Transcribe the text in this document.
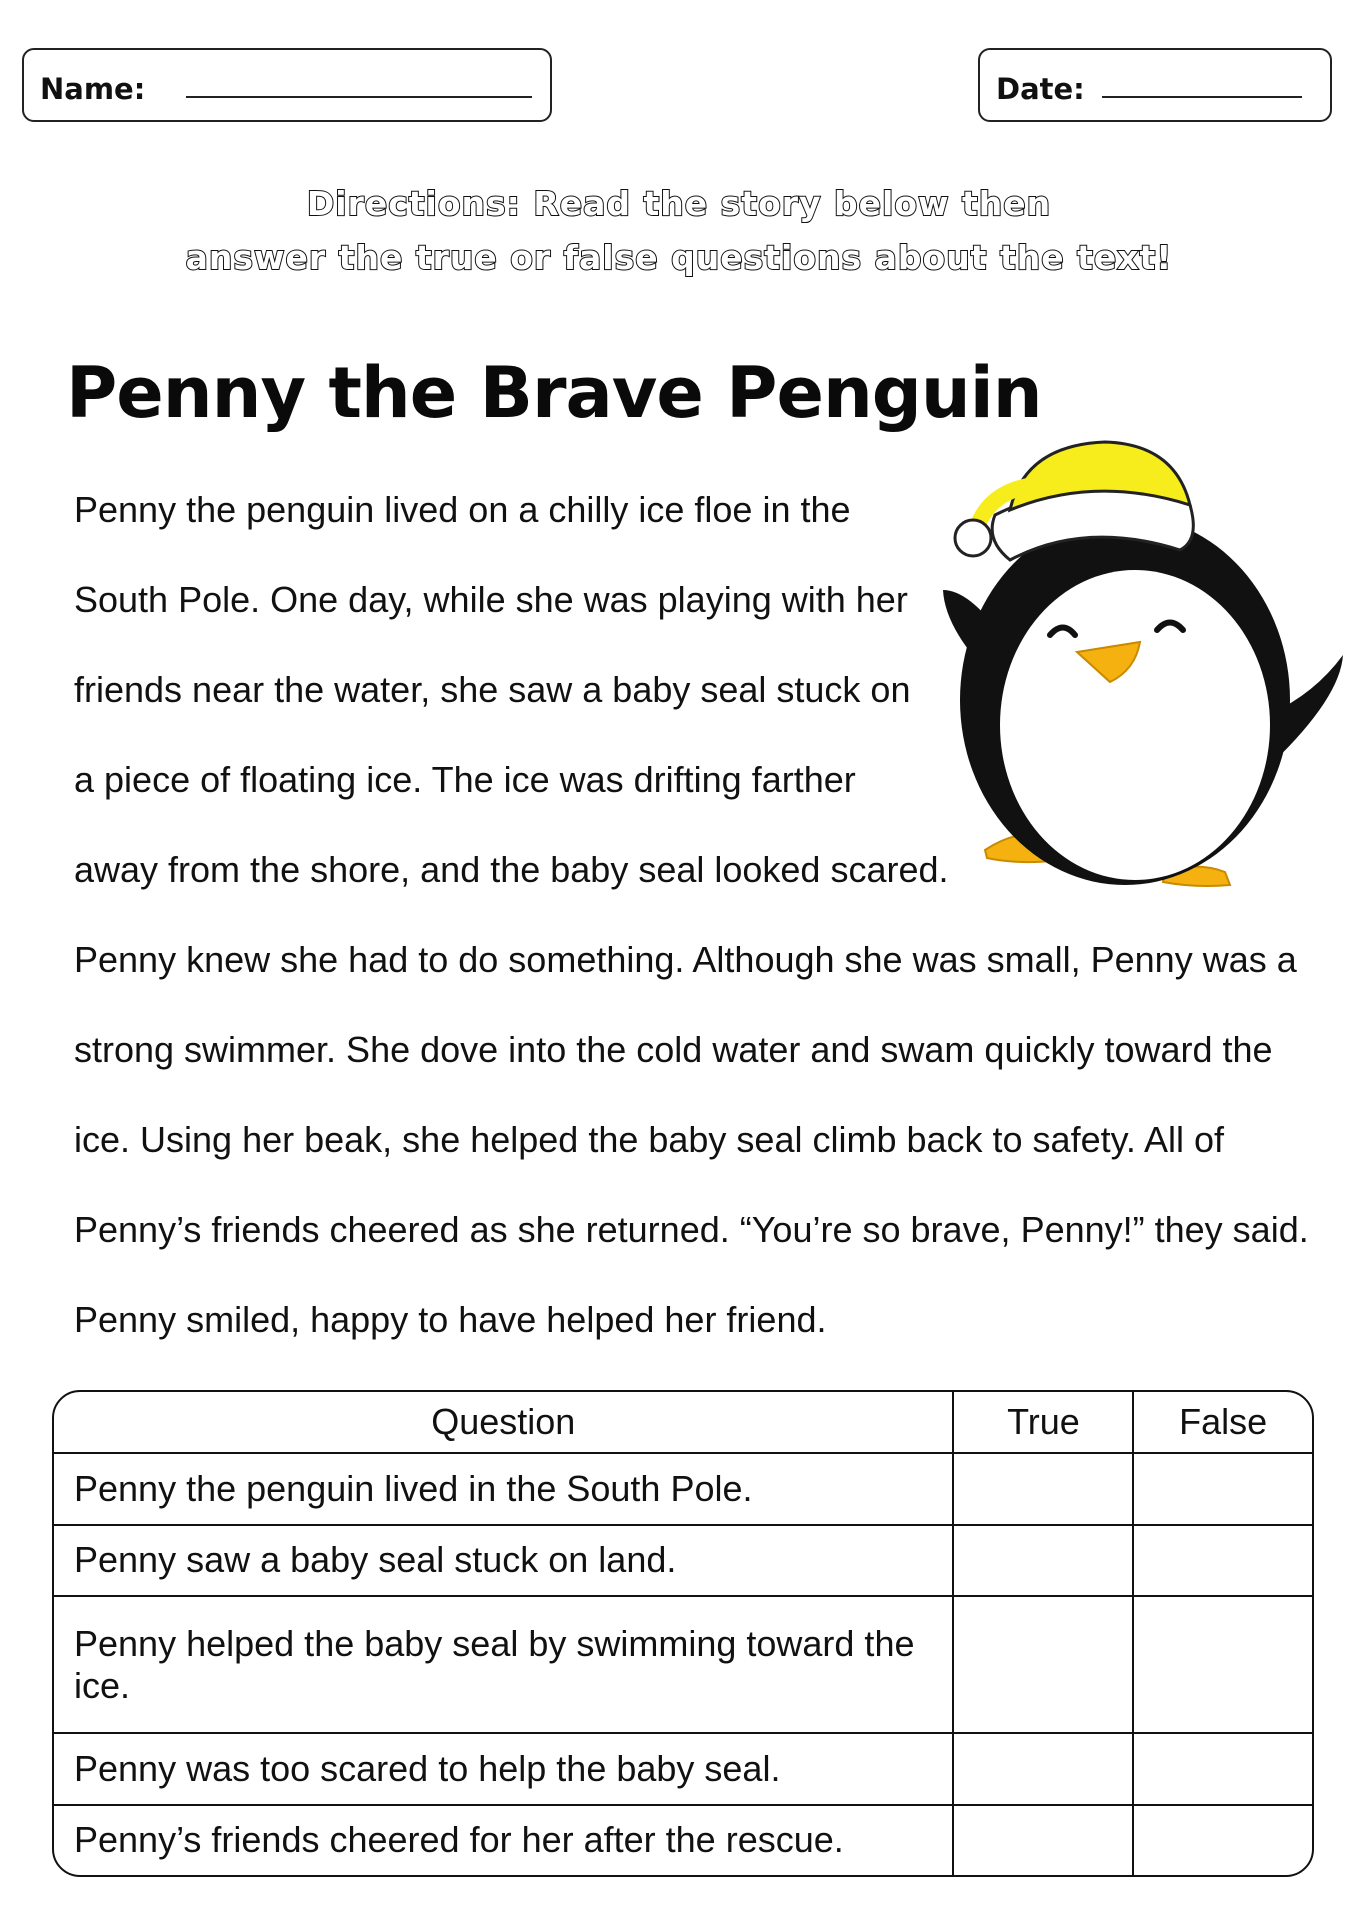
Name:	Date:
Directions: Read the story below then
answer the true or false questions about the text!
Penny the Brave Penguin
Penny the penguin lived on a chilly ice floe in the
South Pole. One day, while she was playing with her
friends near the water, she saw a baby seal stuck on
a piece of floating ice. The ice was drifting farther
away from the shore, and the baby seal looked scared.
Penny knew she had to do something. Although she was small, Penny was a
strong swimmer. She dove into the cold water and swam quickly toward the
ice. Using her beak, she helped the baby seal climb back to safety. All of
Penny’s friends cheered as she returned. “You’re so brave, Penny!” they said.
Penny smiled, happy to have helped her friend.
Question	True	False
Penny the penguin lived in the South Pole.		
Penny saw a baby seal stuck on land.		
Penny helped the baby seal by swimming toward the ice.		
Penny was too scared to help the baby seal.		
Penny’s friends cheered for her after the rescue.		
